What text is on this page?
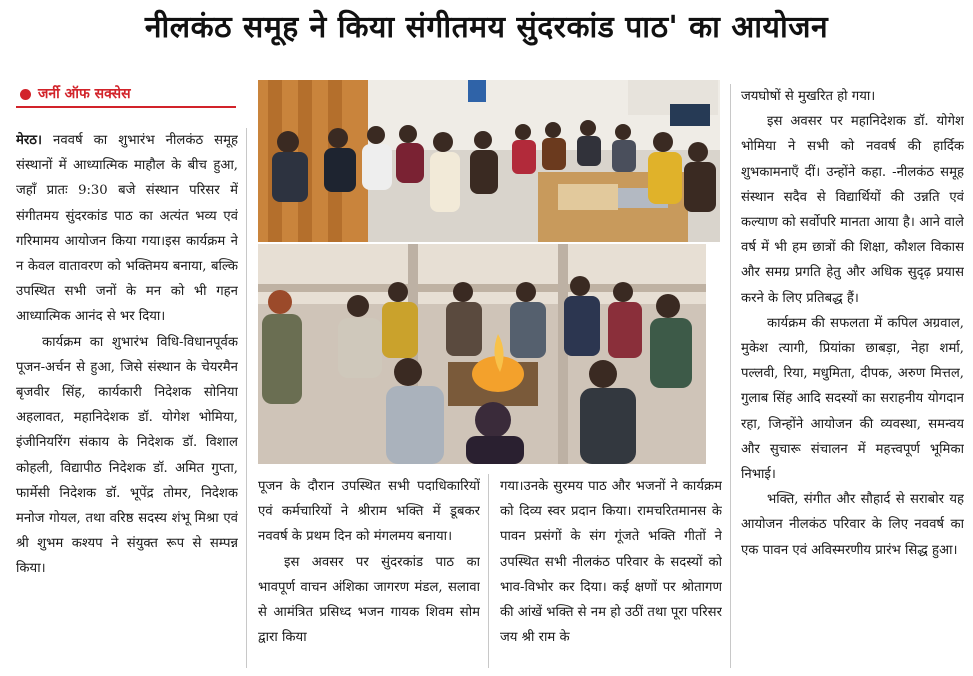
नीलकंठ समूह ने किया संगीतमय सुंदरकांड पाठ' का आयोजन
जर्नी ऑफ सक्सेस

मेरठ। नववर्ष का शुभारंभ नीलकंठ समूह संस्थानों में आध्यात्मिक माहौल के बीच हुआ, जहाँ प्रातः 9:30 बजे संस्थान परिसर में संगीतमय सुंदरकांड पाठ का अत्यंत भव्य एवं गरिमामय आयोजन किया गया।इस कार्यक्रम ने न केवल वातावरण को भक्तिमय बनाया, बल्कि उपस्थित सभी जनों के मन को भी गहन आध्यात्मिक आनंद से भर दिया।

कार्यक्रम का शुभारंभ विधि-विधानपूर्वक पूजन-अर्चन से हुआ, जिसे संस्थान के चेयरमैन बृजवीर सिंह, कार्यकारी निदेशक सोनिया अहलावत, महानिदेशक डॉ. योगेश भोमिया, इंजीनियरिंग संकाय के निदेशक डॉ. विशाल कोहली, विद्यापीठ निदेशक डॉ. अमित गुप्ता, फार्मेसी निदेशक डॉ. भूपेंद्र तोमर, निदेशक मनोज गोयल, तथा वरिष्ठ सदस्य शंभू मिश्रा एवं श्री शुभम कश्यप ने संयुक्त रूप से सम्पन्न किया।

पूजन के दौरान उपस्थित सभी पदाधिकारियों एवं कर्मचारियों ने श्रीराम भक्ति में डूबकर नववर्ष के प्रथम दिन को मंगलमय बनाया।

इस अवसर पर सुंदरकांड पाठ का भावपूर्ण वाचन अंशिका जागरण मंडल, सलावा से आमंत्रित प्रसिध्द भजन गायक शिवम सोम द्वारा किया

गया।उनके सुरमय पाठ और भजनों ने कार्यक्रम को दिव्य स्वर प्रदान किया। रामचरितमानस के पावन प्रसंगों के संग गूंजते भक्ति गीतों ने उपस्थित सभी नीलकंठ परिवार के सदस्यों को भाव-विभोर कर दिया। कई क्षणों पर श्रोतागण की आंखें भक्ति से नम हो उठीं तथा पूरा परिसर जय श्री राम के

जयघोषों से मुखरित हो गया।

इस अवसर पर महानिदेशक डॉ. योगेश भोमिया ने सभी को नववर्ष की हार्दिक शुभकामनाएँ दीं। उन्होंने कहा. -नीलकंठ समूह संस्थान सदैव से विद्यार्थियों की उन्नति एवं कल्याण को सर्वोपरि मानता आया है। आने वाले वर्ष में भी हम छात्रों की शिक्षा, कौशल विकास और समग्र प्रगति हेतु और अधिक सुदृढ़ प्रयास करने के लिए प्रतिबद्ध हैं।

कार्यक्रम की सफलता में कपिल अग्रवाल, मुकेश त्यागी, प्रियांका छाबड़ा, नेहा शर्मा, पल्लवी, रिया, मधुमिता, दीपक, अरुण मित्तल, गुलाब सिंह आदि सदस्यों का सराहनीय योगदान रहा, जिन्होंने आयोजन की व्यवस्था, समन्वय और सुचारू संचालन में महत्त्वपूर्ण भूमिका निभाई।

भक्ति, संगीत और सौहार्द से सराबोर यह आयोजन नीलकंठ परिवार के लिए नववर्ष का एक पावन एवं अविस्मरणीय प्रारंभ सिद्ध हुआ।
